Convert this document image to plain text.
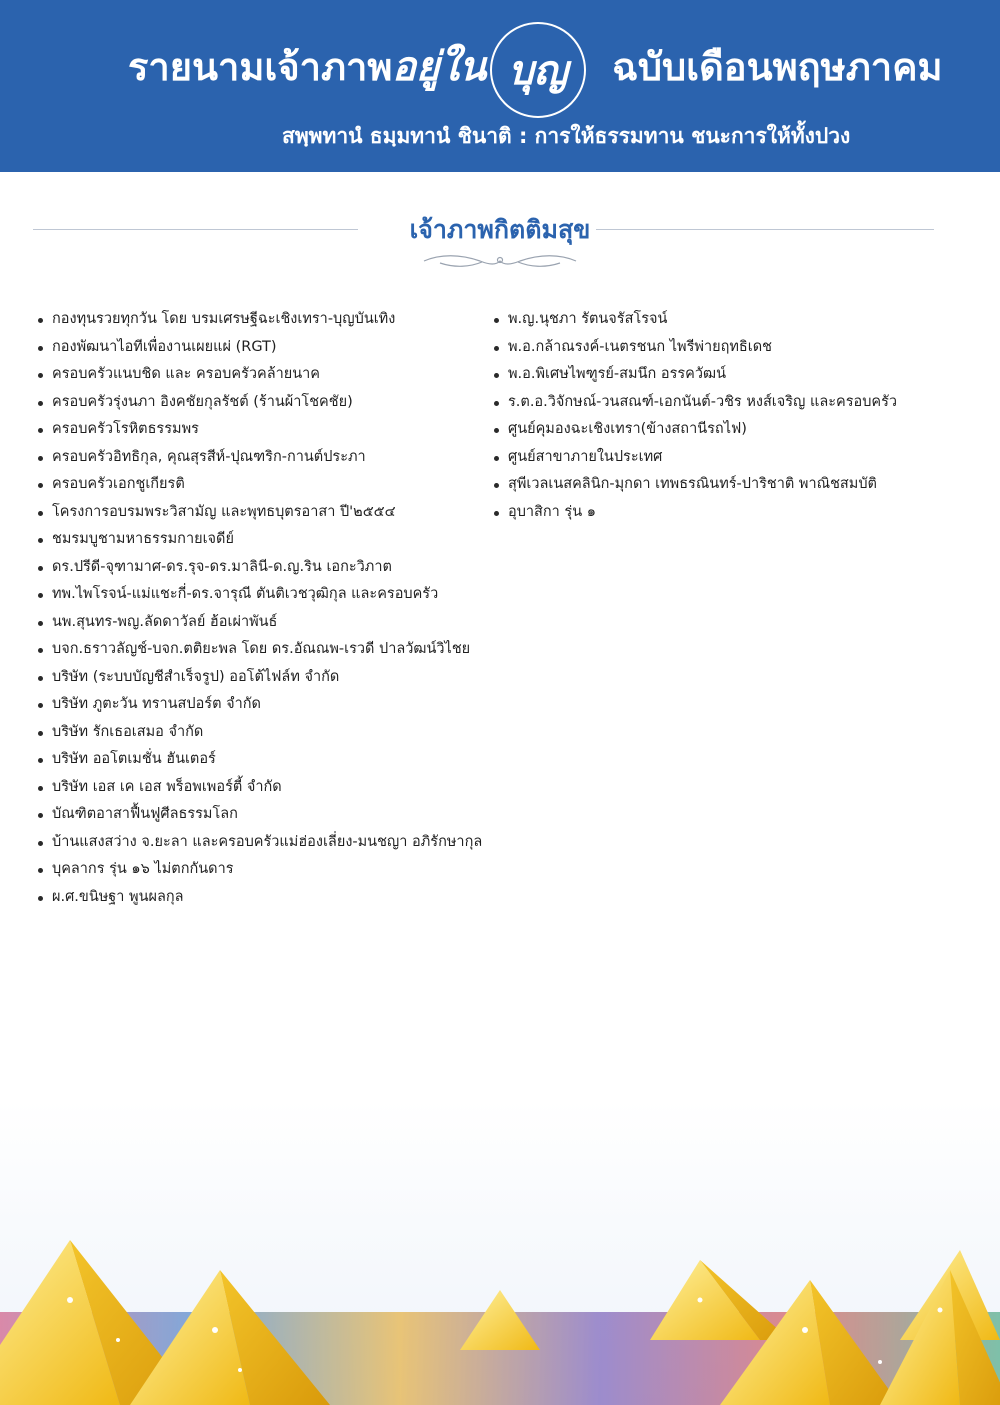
รายนามเจ้าภาพ อยู่ใน บุญ ฉบับเดือนพฤษภาคม
สพฺพทานํ ธมฺมทานํ ชินาติ : การให้ธรรมทาน ชนะการให้ทั้งปวง
เจ้าภาพกิตติมสุข
กองทุนรวยทุกวัน โดย บรมเศรษฐีฉะเชิงเทรา-บุญบันเทิง
กองพัฒนาไอทีเพื่องานเผยแผ่ (RGT)
ครอบครัวแนบชิด และ ครอบครัวคล้ายนาค
ครอบครัวรุ่งนภา อิงคชัยกุลรัชต์ (ร้านผ้าโชคชัย)
ครอบครัวโรหิตธรรมพร
ครอบครัวอิทธิกุล, คุณสุรสีห์-ปุณฑริก-กานต์ประภา
ครอบครัวเอกชูเกียรติ
โครงการอบรมพระวิสามัญ และพุทธบุตรอาสา ปี'๒๕๕๔
ชมรมบูชามหาธรรมกายเจดีย์
ดร.ปรีดี-จุฑามาศ-ดร.รุจ-ดร.มาลินี-ด.ญ.ริน เอกะวิภาต
ทพ.ไพโรจน์-แม่แชะกี่-ดร.จารุณี ตันติเวชวุฒิกุล และครอบครัว
นพ.สุนทร-พญ.ลัดดาวัลย์ ฮ้อเผ่าพันธ์
บจก.ธราวลัญช์-บจก.ตติยะพล โดย ดร.อัณณพ-เรวดี ปาลวัฒน์วิไชย
บริษัท (ระบบบัญชีสำเร็จรูป) ออโต้ไฟล์ท จำกัด
บริษัท ภูตะวัน ทรานสปอร์ต จำกัด
บริษัท รักเธอเสมอ จำกัด
บริษัท ออโตเมชั่น ฮันเตอร์
บริษัท เอส เค เอส พร็อพเพอร์ตี้ จำกัด
บัณฑิตอาสาฟื้นฟูศีลธรรมโลก
บ้านแสงสว่าง จ.ยะลา และครอบครัวแม่ฮ่องเลี่ยง-มนชญา อภิรักษากุล
บุคลากร รุ่น ๑๖ ไม่ตกกันดาร
ผ.ศ.ขนิษฐา พูนผลกุล
พ.ญ.นุชภา รัตนจรัสโรจน์
พ.อ.กล้าณรงค์-เนตรชนก ไพรีพ่ายฤทธิเดช
พ.อ.พิเศษไพฑูรย์-สมนึก อรรควัฒน์
ร.ต.อ.วิจักษณ์-วนสณฑ์-เอกนันต์-วชิร หงส์เจริญ และครอบครัว
ศูนย์คุมองฉะเชิงเทรา(ข้างสถานีรถไฟ)
ศูนย์สาขาภายในประเทศ
สุพีเวลเนสคลินิก-มุกดา เทพธรณินทร์-ปาริชาติ พาณิชสมบัติ
อุบาสิกา รุ่น ๑
